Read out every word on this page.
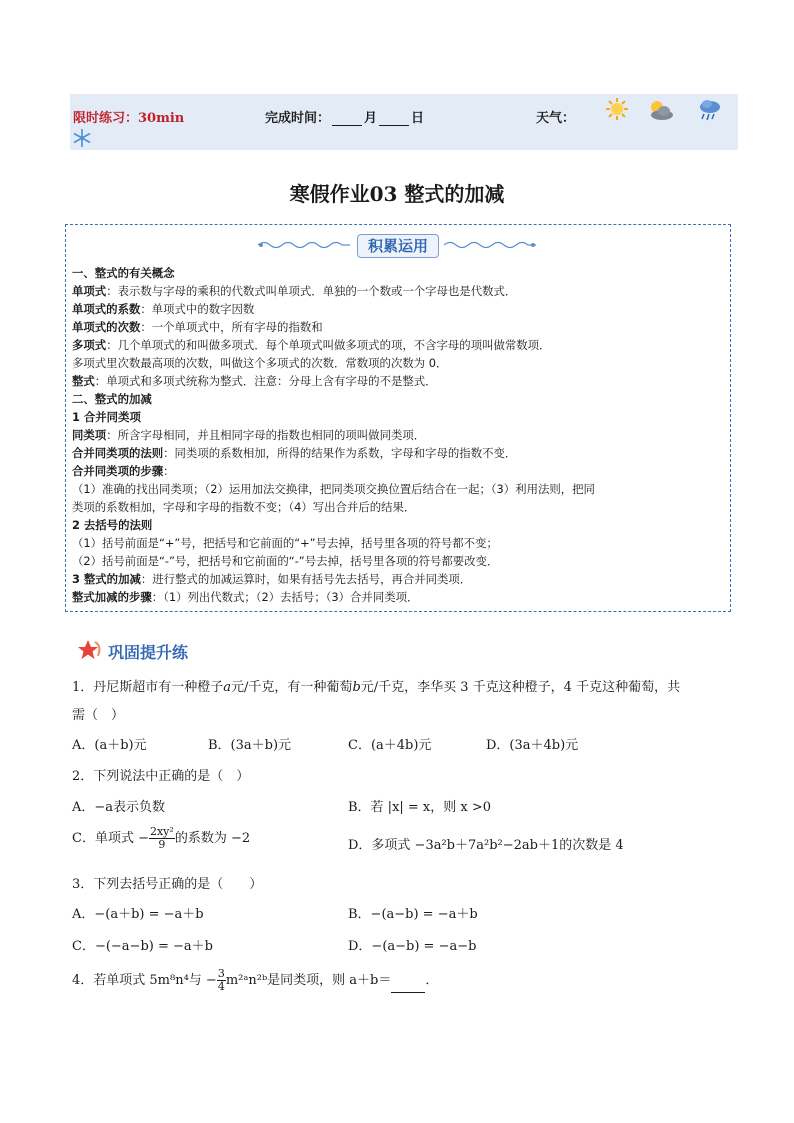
限时练习：30min	完成时间：	月	日	天气：
寒假作业03 整式的加减
积累运用
一、整式的有关概念
单项式：表示数与字母的乘积的代数式叫单项式．单独的一个数或一个字母也是代数式．
单项式的系数：单项式中的数字因数
单项式的次数：一个单项式中，所有字母的指数和
多项式：几个单项式的和叫做多项式．每个单项式叫做多项式的项，不含字母的项叫做常数项．
多项式里次数最高项的次数，叫做这个多项式的次数．常数项的次数为 0．
整式：单项式和多项式统称为整式．注意：分母上含有字母的不是整式．
二、整式的加减
1 合并同类项
同类项：所含字母相同，并且相同字母的指数也相同的项叫做同类项．
合并同类项的法则：同类项的系数相加，所得的结果作为系数，字母和字母的指数不变．
合并同类项的步骤：
（1）准确的找出同类项；（2）运用加法交换律，把同类项交换位置后结合在一起；（3）利用法则，把同
类项的系数相加，字母和字母的指数不变；（4）写出合并后的结果．
2 去括号的法则
（1）括号前面是“+”号，把括号和它前面的“+”号去掉，括号里各项的符号都不变；
（2）括号前面是“-”号，把括号和它前面的“-”号去掉，括号里各项的符号都要改变．
3 整式的加减：进行整式的加减运算时，如果有括号先去括号，再合并同类项．
整式加减的步骤：（1）列出代数式；（2）去括号；（3）合并同类项．
巩固提升练
1．丹尼斯超市有一种橙子a元/千克，有一种葡萄b元/千克，李华买 3 千克这种橙子，4 千克这种葡萄，共
需（　）
A．(a＋b)元	B．(3a＋b)元	C．(a＋4b)元	D．(3a＋4b)元
2．下列说法中正确的是（　）
A．−a表示负数	B．若 |x| = x，则 x >0
C．单项式 − $\frac{\text{2xy²}}{9}$ 的系数为 −2	D．多项式 −3a²b＋7a²b²−2ab＋1的次数是 4
3．下列去括号正确的是（　　）
A．−(a＋b) = −a＋b	B．−(a−b) = −a＋b
C．−(−a−b) = −a＋b	D．−(a−b) = −a−b
4．若单项式 5m⁸n⁴与 − $\frac{3}{4}$ m²ᵃn²ᵇ是同类项，则 a＋b＝	．
